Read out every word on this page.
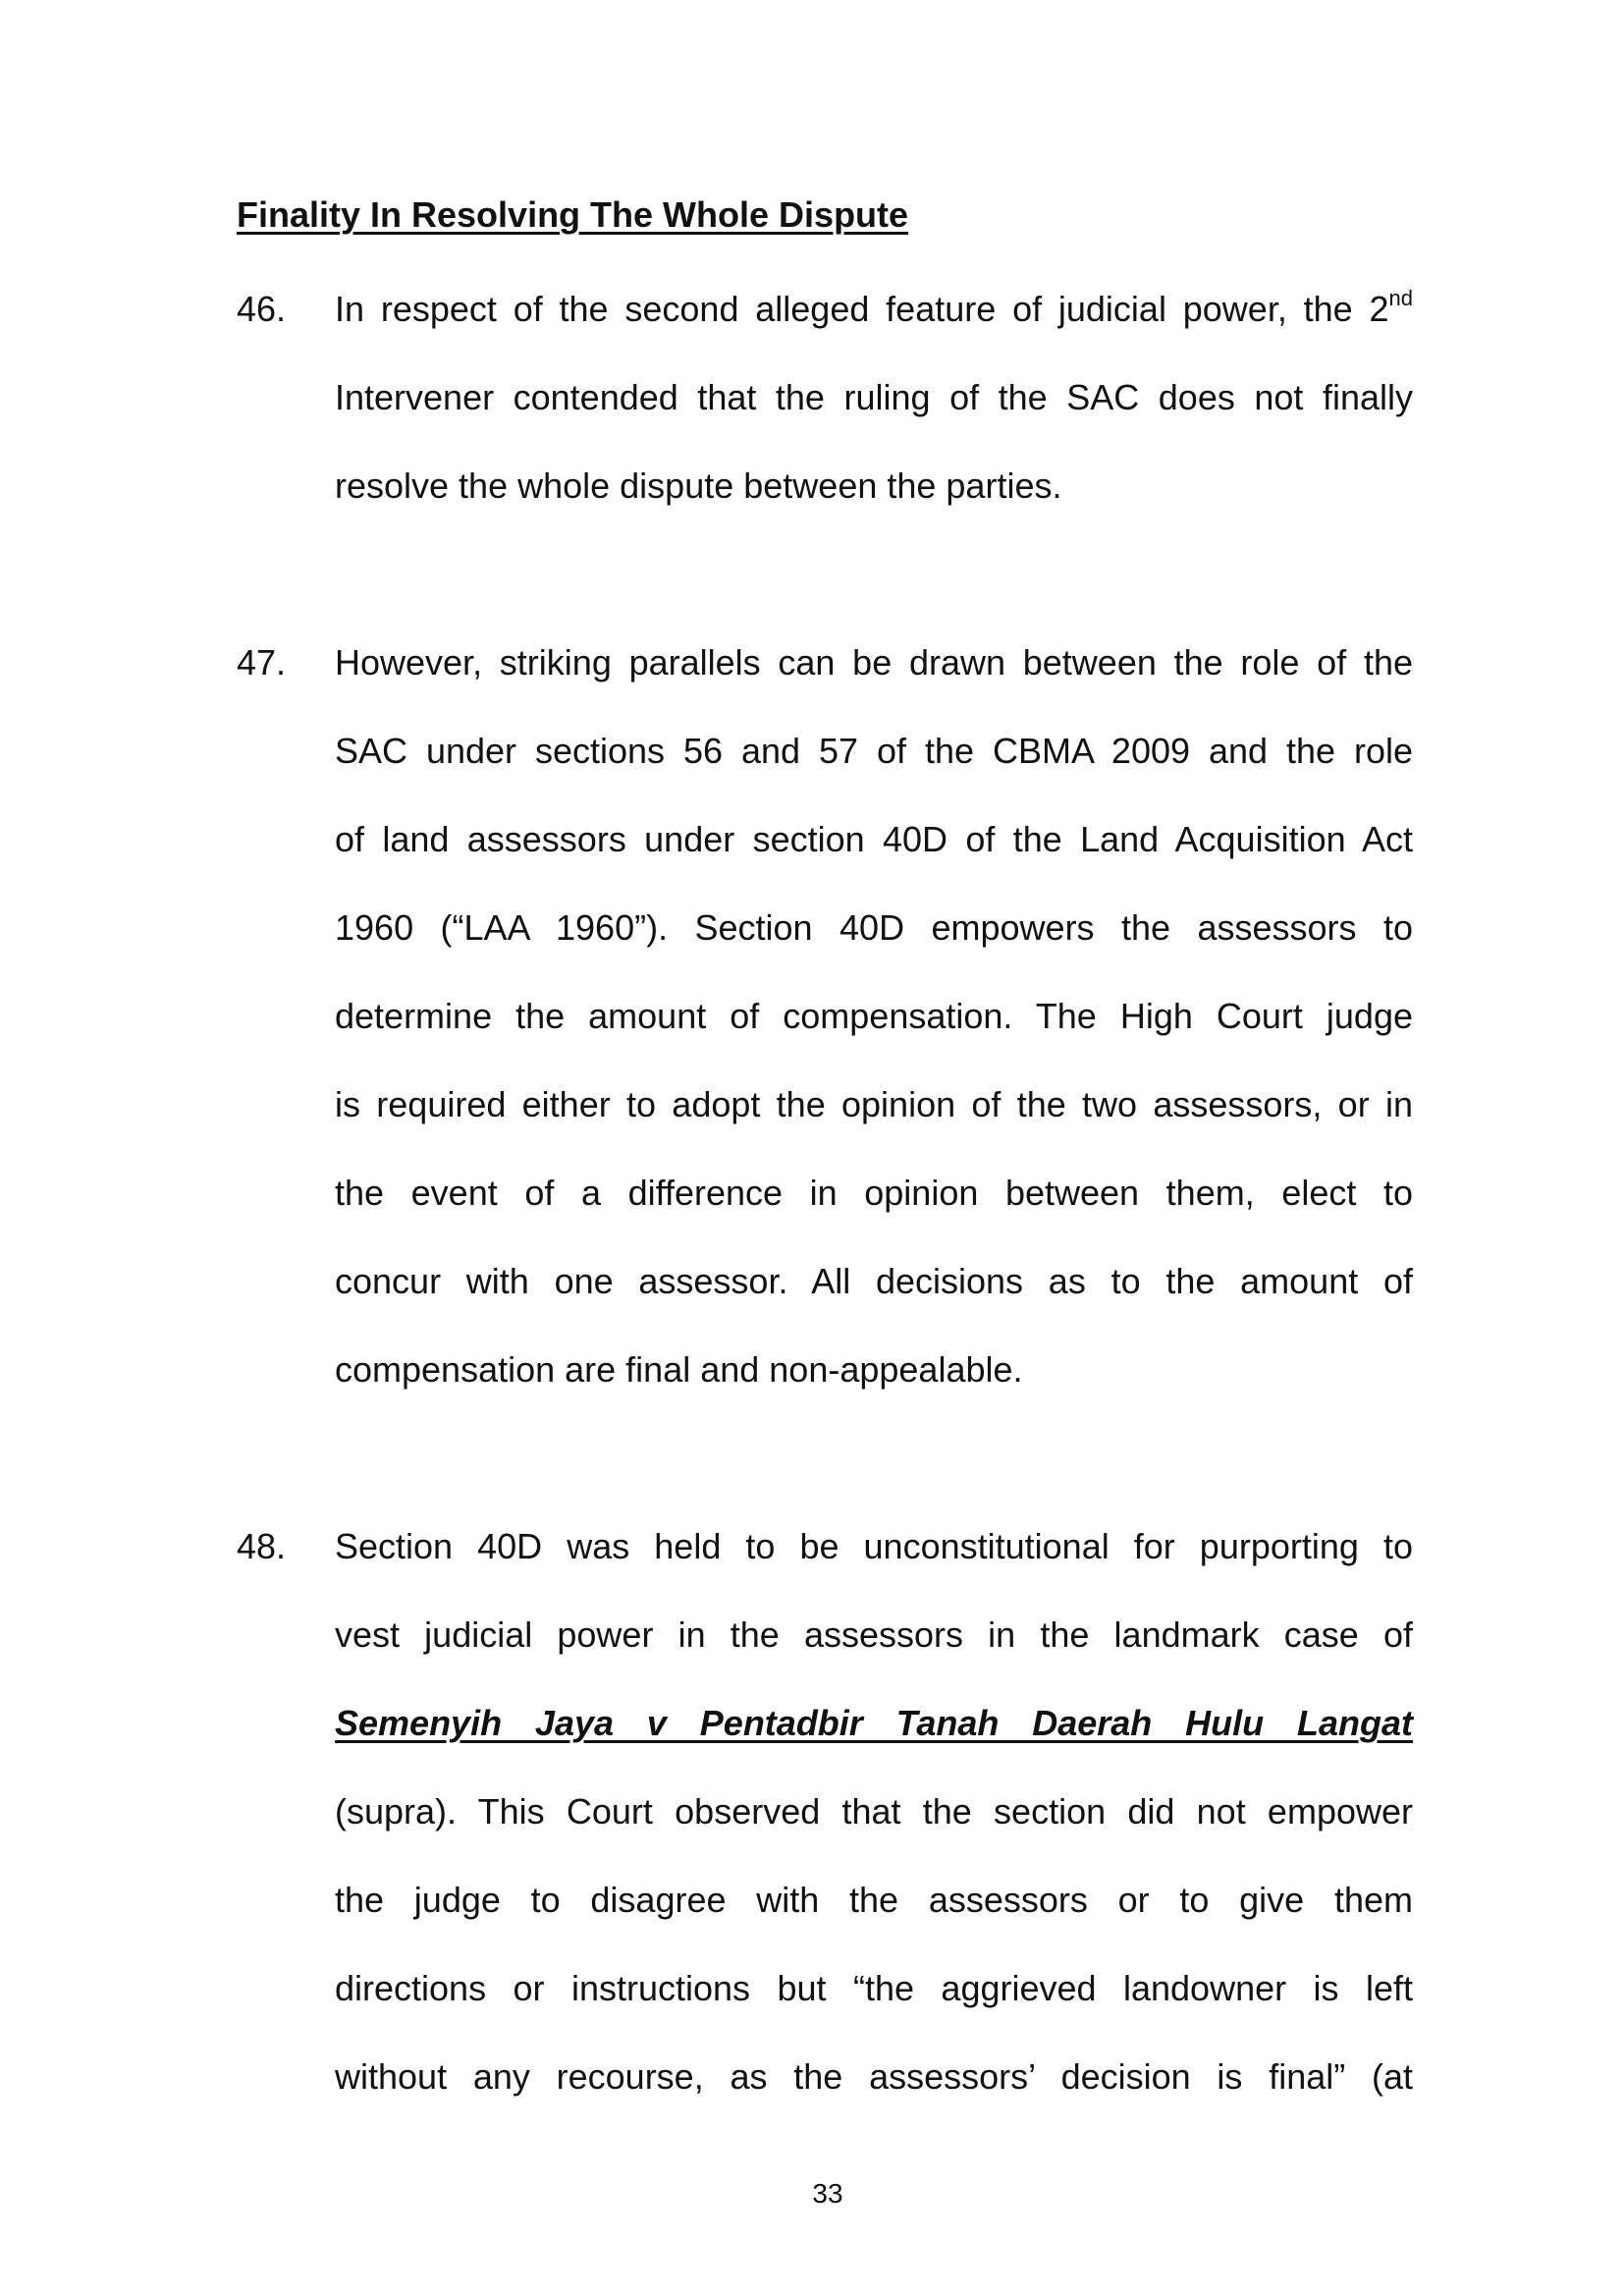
Finality In Resolving The Whole Dispute
46. In respect of the second alleged feature of judicial power, the 2nd
Intervener contended that the ruling of the SAC does not finally
resolve the whole dispute between the parties.
47. However, striking parallels can be drawn between the role of the
SAC under sections 56 and 57 of the CBMA 2009 and the role
of land assessors under section 40D of the Land Acquisition Act
1960 (“LAA 1960”). Section 40D empowers the assessors to
determine the amount of compensation. The High Court judge
is required either to adopt the opinion of the two assessors, or in
the event of a difference in opinion between them, elect to
concur with one assessor. All decisions as to the amount of
compensation are final and non-appealable.
48. Section 40D was held to be unconstitutional for purporting to
vest judicial power in the assessors in the landmark case of
Semenyih Jaya v Pentadbir Tanah Daerah Hulu Langat
(supra). This Court observed that the section did not empower
the judge to disagree with the assessors or to give them
directions or instructions but “the aggrieved landowner is left
without any recourse, as the assessors’ decision is final” (at
33
